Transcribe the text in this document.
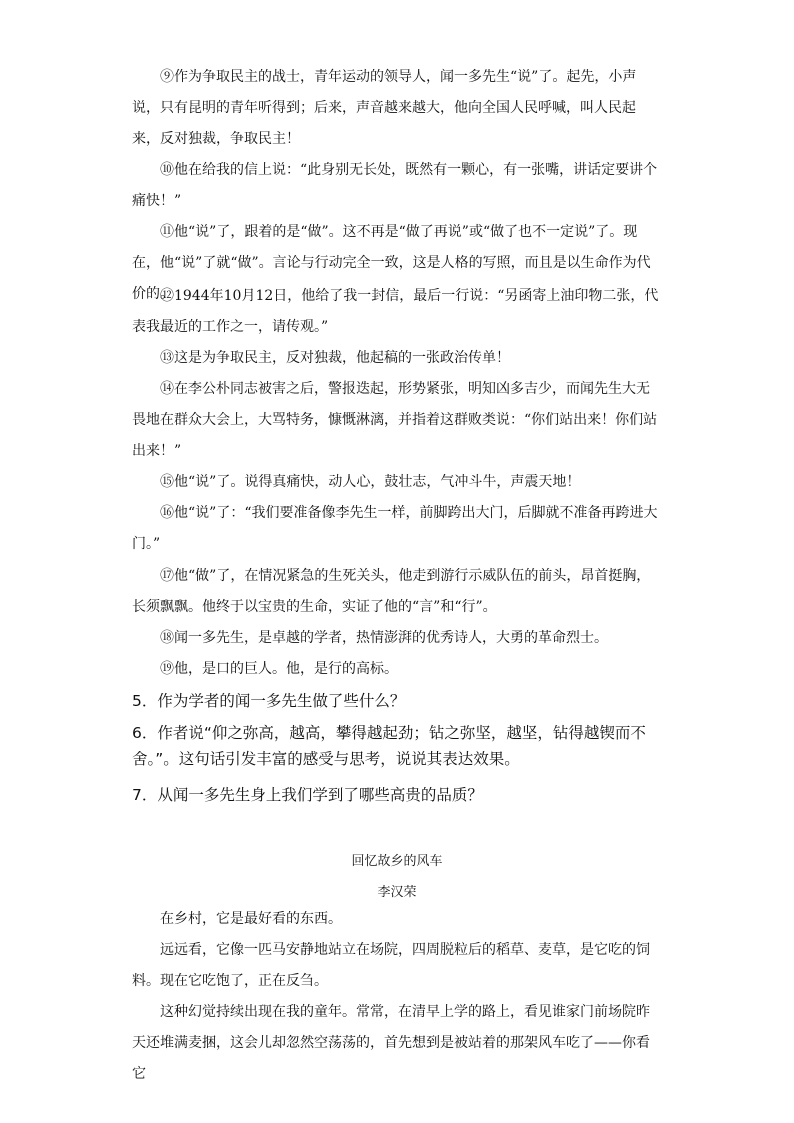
⑨作为争取民主的战士，青年运动的领导人，闻一多先生“说”了。起先，小声说，只有昆明的青年听得到；后来，声音越来越大，他向全国人民呼喊，叫人民起来，反对独裁，争取民主！

⑩他在给我的信上说：“此身别无长处，既然有一颗心，有一张嘴，讲话定要讲个痛快！”

⑪他“说”了，跟着的是“做”。这不再是“做了再说”或“做了也不一定说”了。现在，他“说”了就“做”。言论与行动完全一致，这是人格的写照，而且是以生命作为代价的。

⑫1944年10月12日，他给了我一封信，最后一行说：“另函寄上油印物二张，代表我最近的工作之一，请传观。”

⑬这是为争取民主，反对独裁，他起稿的一张政治传单！

⑭在李公朴同志被害之后，警报迭起，形势紧张，明知凶多吉少，而闻先生大无畏地在群众大会上，大骂特务，慷慨淋漓，并指着这群败类说：“你们站出来！你们站出来！”

⑮他“说”了。说得真痛快，动人心，鼓壮志，气冲斗牛，声震天地！

⑯他“说”了：“我们要准备像李先生一样，前脚跨出大门，后脚就不准备再跨进大门。”

⑰他“做”了，在情况紧急的生死关头，他走到游行示威队伍的前头，昂首挺胸，长须飘飘。他终于以宝贵的生命，实证了他的“言”和“行”。

⑱闻一多先生，是卓越的学者，热情澎湃的优秀诗人，大勇的革命烈士。

⑲他，是口的巨人。他，是行的高标。

5．作为学者的闻一多先生做了些什么？

6．作者说“仰之弥高，越高，攀得越起劲；钻之弥坚，越坚，钻得越锲而不舍。”。这句话引发丰富的感受与思考，说说其表达效果。

7．从闻一多先生身上我们学到了哪些高贵的品质？

回忆故乡的风车

李汉荣

在乡村，它是最好看的东西。

远远看，它像一匹马安静地站立在场院，四周脱粒后的稻草、麦草，是它吃的饲料。现在它吃饱了，正在反刍。

这种幻觉持续出现在我的童年。常常，在清早上学的路上，看见谁家门前场院昨天还堆满麦捆，这会儿却忽然空荡荡的，首先想到是被站着的那架风车吃了——你看它
